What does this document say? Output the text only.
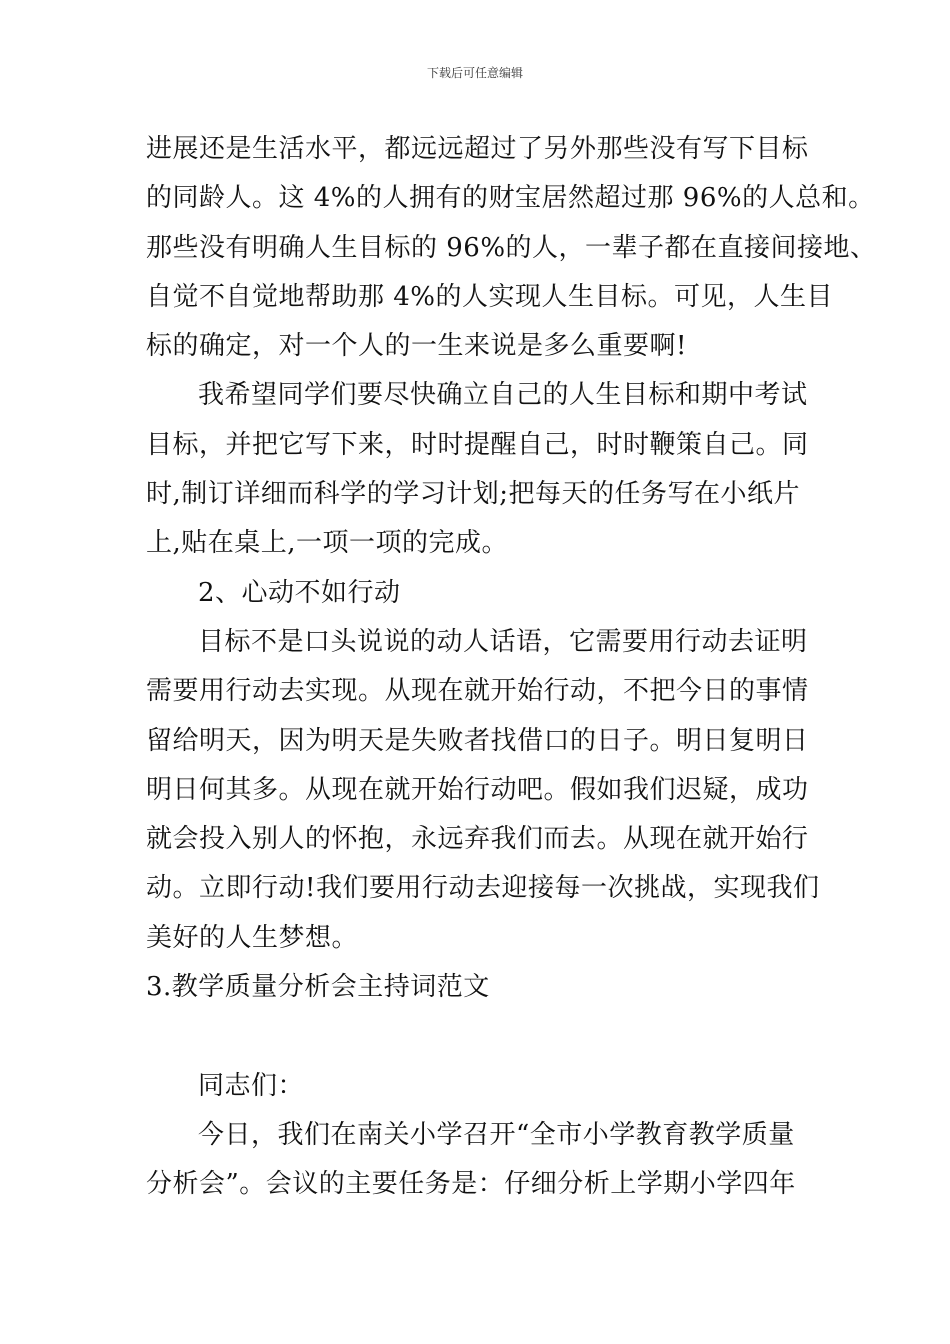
下载后可任意编辑
进展还是生活水平，都远远超过了另外那些没有写下目标
的同龄人。这 4%的人拥有的财宝居然超过那 96%的人总和。
那些没有明确人生目标的 96%的人，一辈子都在直接间接地、
自觉不自觉地帮助那 4%的人实现人生目标。可见，人生目
标的确定，对一个人的一生来说是多么重要啊!
我希望同学们要尽快确立自己的人生目标和期中考试
目标，并把它写下来，时时提醒自己，时时鞭策自己。同
时,制订详细而科学的学习计划;把每天的任务写在小纸片
上,贴在桌上,一项一项的完成。
2、心动不如行动
目标不是口头说说的动人话语，它需要用行动去证明
需要用行动去实现。从现在就开始行动，不把今日的事情
留给明天，因为明天是失败者找借口的日子。明日复明日
明日何其多。从现在就开始行动吧。假如我们迟疑，成功
就会投入别人的怀抱，永远弃我们而去。从现在就开始行
动。立即行动!我们要用行动去迎接每一次挑战，实现我们
美好的人生梦想。
3.教学质量分析会主持词范文
同志们：
今日，我们在南关小学召开“全市小学教育教学质量
分析会”。会议的主要任务是：仔细分析上学期小学四年
